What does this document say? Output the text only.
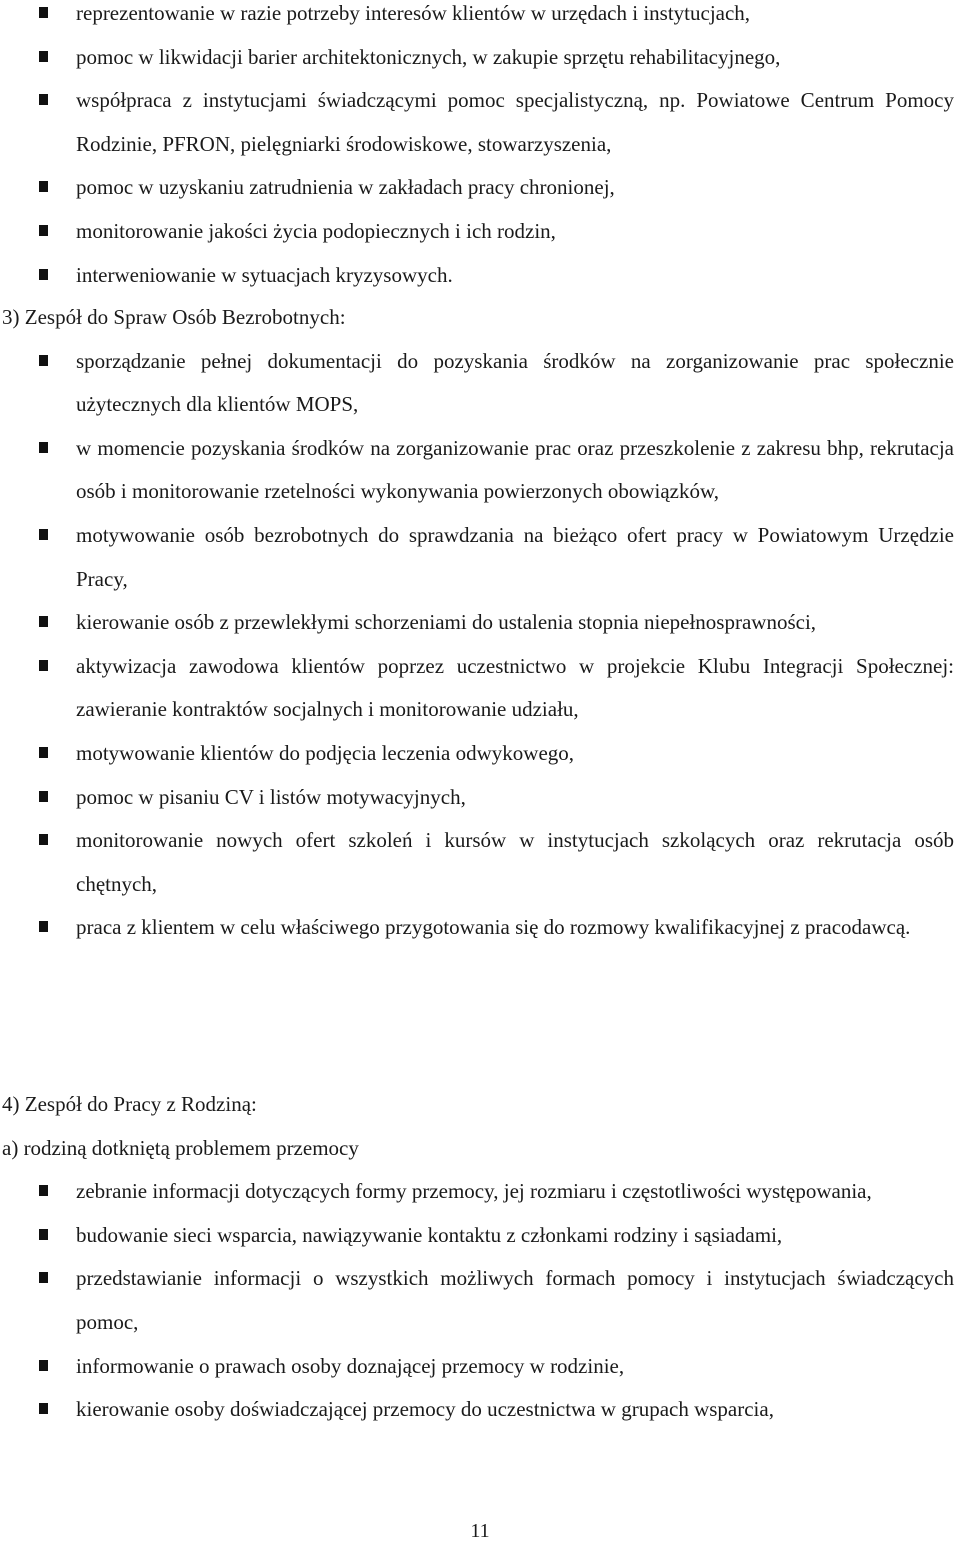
reprezentowanie w razie potrzeby interesów klientów w urzędach i instytucjach,
pomoc w likwidacji barier architektonicznych, w zakupie sprzętu rehabilitacyjnego,
współpraca z instytucjami świadczącymi pomoc specjalistyczną, np. Powiatowe Centrum Pomocy Rodzinie, PFRON, pielęgniarki środowiskowe, stowarzyszenia,
pomoc w uzyskaniu zatrudnienia w zakładach pracy chronionej,
monitorowanie jakości życia podopiecznych i ich rodzin,
interweniowanie w sytuacjach kryzysowych.
3) Zespół do Spraw Osób Bezrobotnych:
sporządzanie pełnej dokumentacji do pozyskania środków na zorganizowanie prac społecznie użytecznych dla klientów MOPS,
w momencie pozyskania środków na zorganizowanie prac oraz przeszkolenie z zakresu bhp, rekrutacja osób i monitorowanie rzetelności wykonywania powierzonych obowiązków,
motywowanie osób bezrobotnych do sprawdzania na bieżąco ofert pracy w Powiatowym Urzędzie Pracy,
kierowanie osób z przewlekłymi schorzeniami do ustalenia stopnia niepełnosprawności,
aktywizacja zawodowa klientów poprzez uczestnictwo w projekcie Klubu Integracji Społecznej: zawieranie kontraktów socjalnych i monitorowanie udziału,
motywowanie klientów do podjęcia leczenia odwykowego,
pomoc w pisaniu CV i listów motywacyjnych,
monitorowanie nowych ofert szkoleń i kursów w instytucjach szkolących oraz rekrutacja osób chętnych,
praca z klientem w celu właściwego przygotowania się do rozmowy kwalifikacyjnej z pracodawcą.
4) Zespół do Pracy z Rodziną:
a) rodziną dotkniętą problemem przemocy
zebranie informacji dotyczących formy przemocy, jej rozmiaru i częstotliwości występowania,
budowanie sieci wsparcia, nawiązywanie kontaktu z członkami rodziny i sąsiadami,
przedstawianie informacji o wszystkich możliwych formach pomocy i instytucjach świadczących pomoc,
informowanie o prawach osoby doznającej przemocy w rodzinie,
kierowanie osoby doświadczającej przemocy do uczestnictwa w grupach wsparcia,
11
